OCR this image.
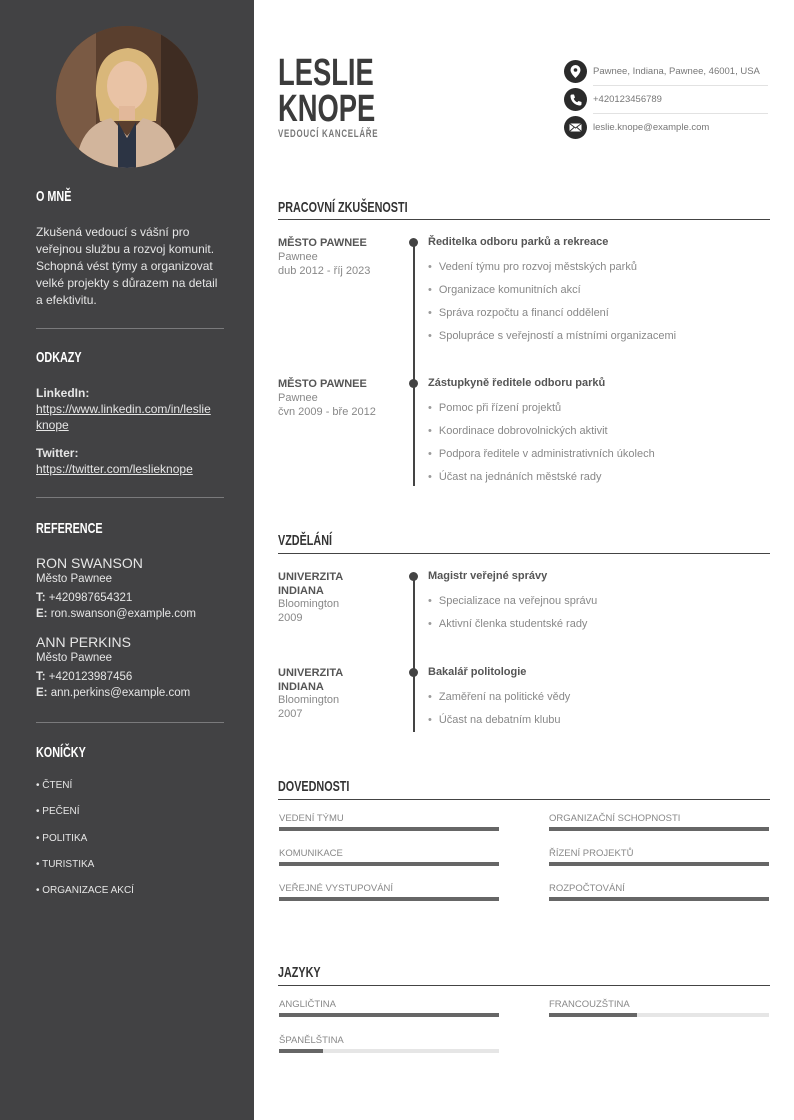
O MNĚ
Zkušená vedoucí s vášní pro
veřejnou službu a rozvoj komunit.
Schopná vést týmy a organizovat
velké projekty s důrazem na detail
a efektivitu.
ODKAZY
LinkedIn:
https://www.linkedin.com/in/leslie
knope
Twitter:
https://twitter.com/leslieknope
REFERENCE
RON SWANSON
Město Pawnee
T: +420987654321
E: ron.swanson@example.com
ANN PERKINS
Město Pawnee
T: +420123987456
E: ann.perkins@example.com
KONÍČKY
• ČTENÍ
• PEČENÍ
• POLITIKA
• TURISTIKA
• ORGANIZACE AKCÍ
LESLIE
KNOPE
VEDOUCÍ KANCELÁŘE
Pawnee, Indiana, Pawnee, 46001, USA
+420123456789
leslie.knope@example.com
PRACOVNÍ ZKUŠENOSTI
MĚSTO PAWNEE
Pawnee
dub 2012 - říj 2023
Ředitelka odboru parků a rekreace
• Vedení týmu pro rozvoj městských parků
• Organizace komunitních akcí
• Správa rozpočtu a financí oddělení
• Spolupráce s veřejností a místními organizacemi
MĚSTO PAWNEE
Pawnee
čvn 2009 - bře 2012
Zástupkyně ředitele odboru parků
• Pomoc při řízení projektů
• Koordinace dobrovolnických aktivit
• Podpora ředitele v administrativních úkolech
• Účast na jednáních městské rady
VZDĚLÁNÍ
UNIVERZITA
INDIANA
Bloomington
2009
Magistr veřejné správy
• Specializace na veřejnou správu
• Aktivní členka studentské rady
UNIVERZITA
INDIANA
Bloomington
2007
Bakalář politologie
• Zaměření na politické vědy
• Účast na debatním klubu
DOVEDNOSTI
VEDENÍ TÝMU	ORGANIZAČNÍ SCHOPNOSTI
KOMUNIKACE	ŘÍZENÍ PROJEKTŮ
VEŘEJNÉ VYSTUPOVÁNÍ	ROZPOČTOVÁNÍ
JAZYKY
ANGLIČTINA	FRANCOUZŠTINA
ŠPANĚLŠTINA
